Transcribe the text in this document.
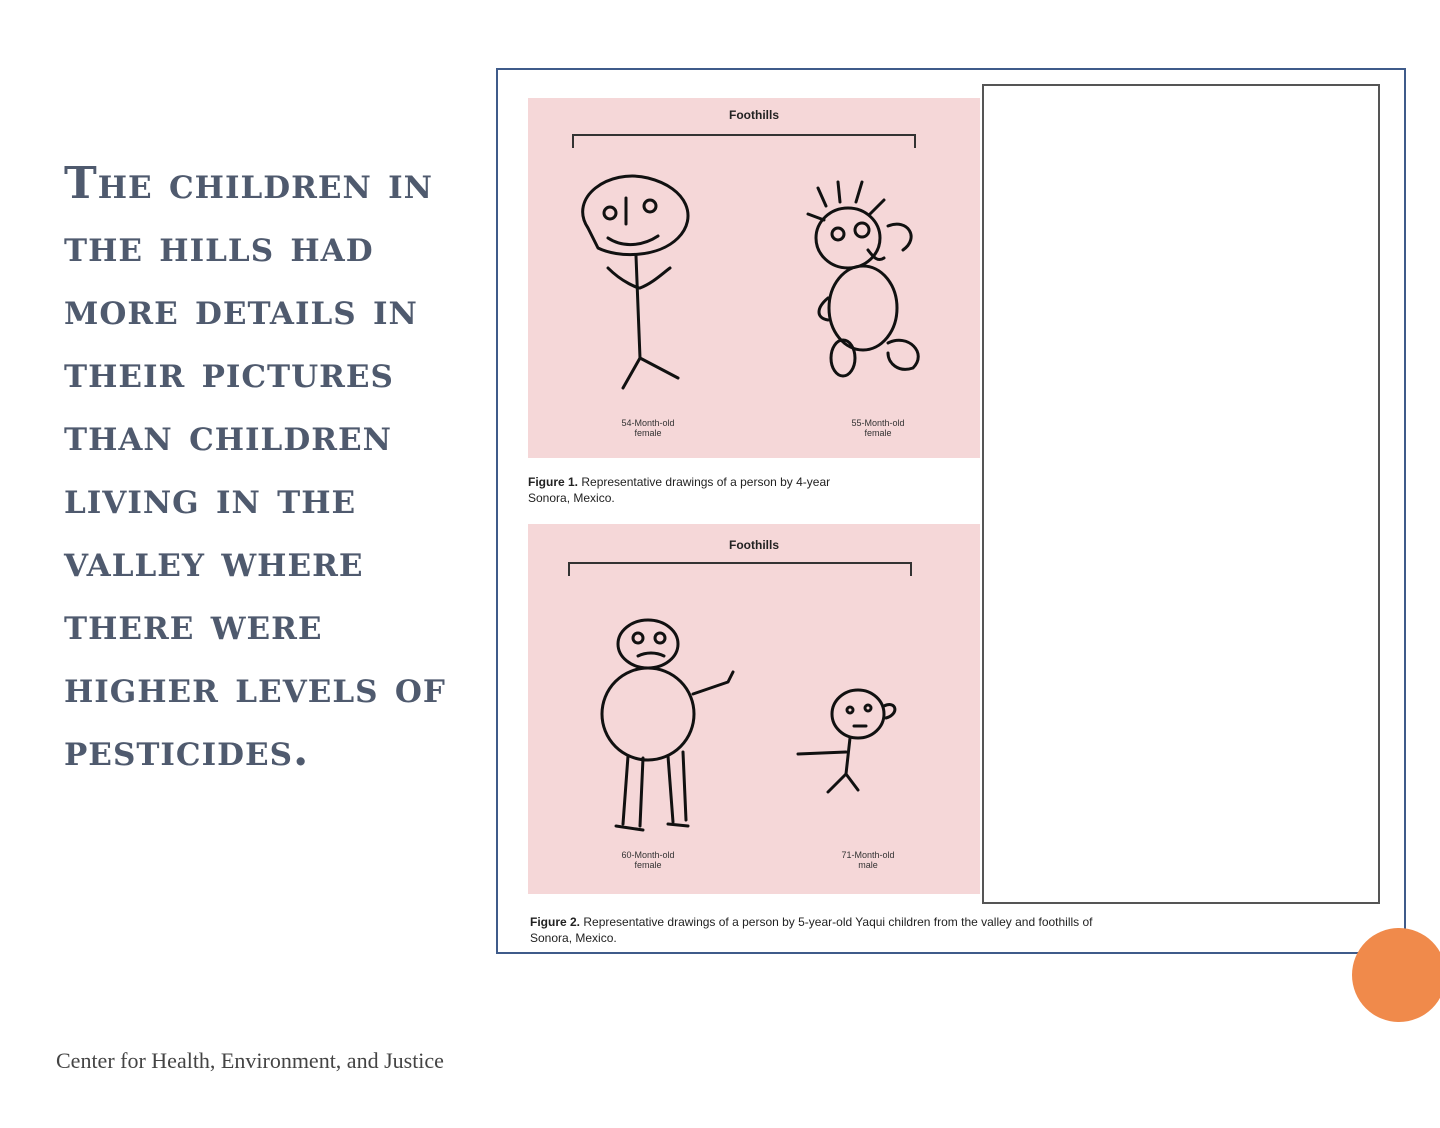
The children in the hills had more details in their pictures than children living in the valley where there were higher levels of pesticides.
Foothills
54-Month-old
female
55-Month-old
female
Figure 1. Representative drawings of a person by 4-year
Sonora, Mexico.
Foothills
60-Month-old
female
71-Month-old
male
Figure 2. Representative drawings of a person by 5-year-old Yaqui children from the valley and foothills of
Sonora, Mexico.
Center for Health, Environment, and Justice
